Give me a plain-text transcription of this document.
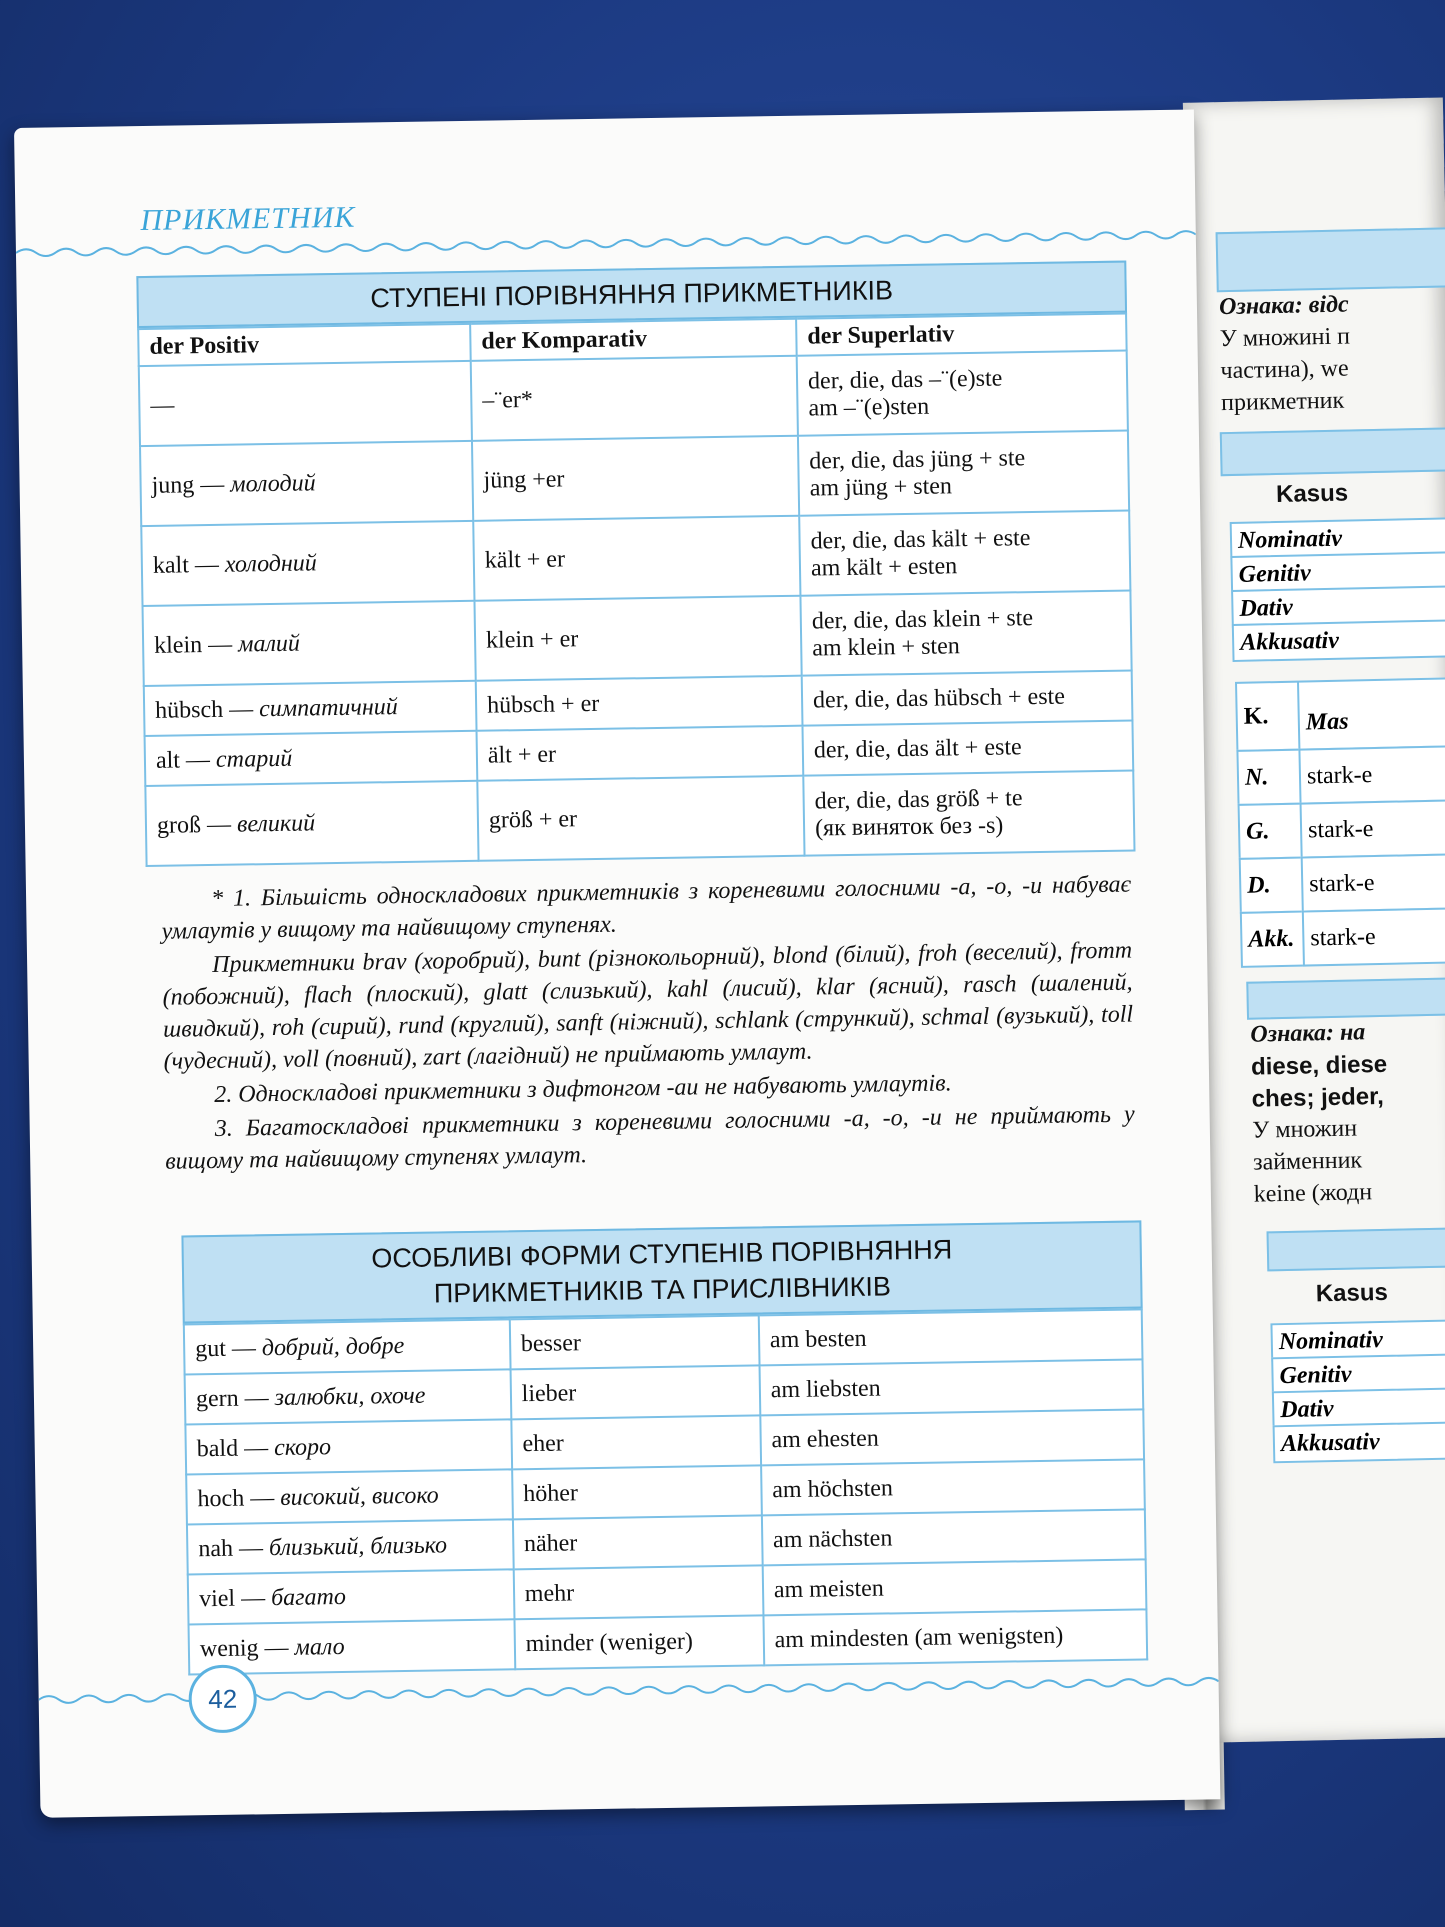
Ознака: відс
У множині п
частина), we
прикметник
Kasus
Nominativ
Genitiv
Dativ
Akkusativ
K.	Mas
N.	stark-e
G.	stark-e
D.	stark-e
Akk. stark-e
Ознака: на
diese, diese
ches; jeder,
У множин
займенник
keine (жодн
Kasus
Nominativ
Genitiv
Dativ
Akkusativ
ПРИКМЕТНИК
СТУПЕНІ ПОРІВНЯННЯ ПРИКМЕТНИКІВ
der Positiv	der Komparativ	der Superlativ
—	–¨er*	der, die, das –¨(e)ste
am –¨(e)sten

jung — молодий	jüng +er	der, die, das jüng + ste
am jüng + sten

kalt — холодний	kält + er	der, die, das kält + este
am kält + esten

klein — малий	klein + er	der, die, das klein + ste
am klein + sten

hübsch — симпатичний	hübsch + er	der, die, das hübsch + este
alt — старий	ält + er	der, die, das ält + este
groß — великий	größ + er	der, die, das größ + te
(як виняток без -s)

* 1. Більшість односкладових прикметників з кореневими голосними -a, -o, -u набуває умлаутів у вищому та найвищому ступенях.

Прикметники brav (хоробрий), bunt (різнокольорний), blond (білий), froh (веселий), fromm (побожний), flach (плоский), glatt (слизький), kahl (лисий), klar (ясний), rasch (шалений, швидкий), roh (сирий), rund (круглий), sanft (ніжний), schlank (стрункий), schmal (вузький), toll (чудесний), voll (повний), zart (лагідний) не приймають умлаут.

2. Односкладові прикметники з дифтонгом -au не набувають умлаутів.

3. Багатоскладові прикметники з кореневими голосними -a, -o, -u не приймають у вищому та найвищому ступенях умлаут.

ОСОБЛИВІ ФОРМИ СТУПЕНІВ ПОРІВНЯННЯ
ПРИКМЕТНИКІВ ТА ПРИСЛІВНИКІВ
gut — добрий, добре	besser	am besten
gern — залюбки, охоче	lieber	am liebsten
bald — скоро	eher	am ehesten
hoch — високий, високо	höher	am höchsten
nah — близький, близько	näher	am nächsten
viel — багато	mehr	am meisten
wenig — мало	minder (weniger)	am mindesten (am wenigsten)
42
